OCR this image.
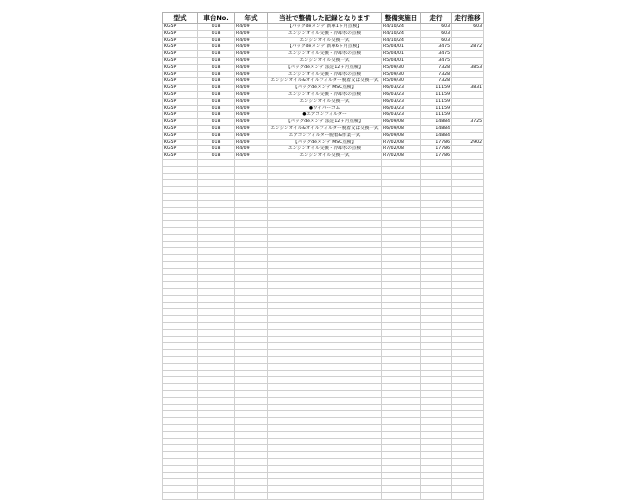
型式	車台No.	年式	当社で整備した記録となります	整備実施日	走行	走行推移
KG5P	018	R4/09	【パックdeメンテ 新車1ヶ月点検】	R4/10/24	603	603
KG5P	018	R4/09	エンジンオイル交換・冷却水の点検	R4/10/24	603	
KG5P	018	R4/09	エンジンオイル交換一式	R4/10/24	603	
KG5P	018	R4/09	【パックdeメンテ 新車6ヶ月点検】	R5/04/01	3475	2872
KG5P	018	R4/09	エンジンオイル交換・冷却水の点検	R5/04/01	3475	
KG5P	018	R4/09	エンジンオイル交換一式	R5/04/01	3475	
KG5P	018	R4/09	【パックdeメンテ 法定12ヶ月点検】	R5/09/30	7328	3853
KG5P	018	R4/09	エンジンオイル交換・冷却水の点検	R5/09/30	7328	
KG5P	018	R4/09	エンジンオイル&オイルフィルター脱着又は交換一式	R5/09/30	7328	
KG5P	018	R4/09	【パックdeメンテ MSC点検】	R6/03/23	11159	3831
KG5P	018	R4/09	エンジンオイル交換・冷却水の点検	R6/03/23	11159	
KG5P	018	R4/09	エンジンオイル交換一式	R6/03/23	11159	
KG5P	018	R4/09	●ワイパーゴム	R6/03/23	11159	
KG5P	018	R4/09	●エアコンフィルター	R6/03/23	11159	
KG5P	018	R4/09	【パックdeメンテ 法定12ヶ月点検】	R6/09/08	14884	3725
KG5P	018	R4/09	エンジンオイル&オイルフィルター脱着又は交換一式	R6/09/08	14884	
KG5P	018	R4/09	エアコンフィルター脱着&作業一式	R6/09/08	14884	
KG5P	018	R4/09	【パックdeメンテ MSC点検】	R7/02/08	17786	2902
KG5P	018	R4/09	エンジンオイル交換・冷却水の点検	R7/02/08	17786	
KG5P	018	R4/09	エンジンオイル交換一式	R7/02/08	17786	
